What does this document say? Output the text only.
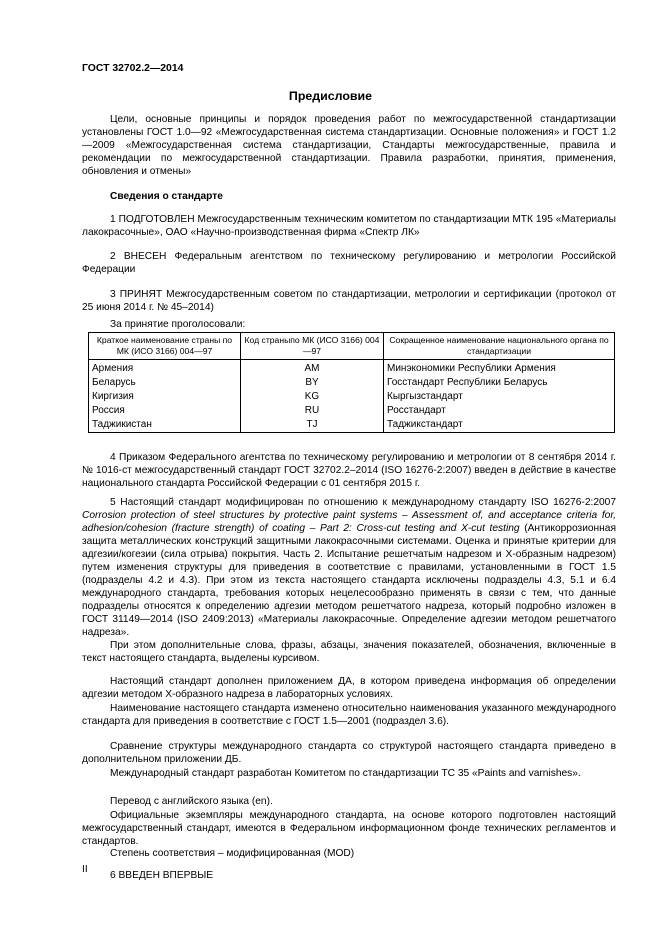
ГОСТ 32702.2—2014
Предисловие

Цели, основные принципы и порядок проведения работ по межгосударственной стандартизации установлены ГОСТ 1.0—92 «Межгосударственная система стандартизации. Основные положения» и ГОСТ 1.2—2009 «Межгосударственная система стандартизации, Стандарты межгосударственные, правила и рекомендации по межгосударственной стандартизации. Правила разработки, принятия, применения, обновления и отмены»

Сведения о стандарте

1 ПОДГОТОВЛЕН Межгосударственным техническим комитетом по стандартизации МТК 195 «Материалы лакокрасочные», ОАО «Научно-производственная фирма «Спектр ЛК»

2 ВНЕСЕН Федеральным агентством по техническому регулированию и метрологии Российской Федерации

3 ПРИНЯТ Межгосударственным советом по стандартизации, метрологии и сертификации (протокол от 25 июня 2014 г. № 45–2014)

За принятие проголосовали:

Краткое наименование страны по МК (ИСО 3166) 004—97	Код страныпо МК (ИСО 3166) 004—97	Сокращенное наименование национального органа по стандартизации
Армения	AM	Минэкономики Республики Армения
Беларусь	BY	Госстандарт Республики Беларусь
Киргизия	KG	Кыргызстандарт
Россия	RU	Росстандарт
Таджикистан	TJ	Таджикстандарт

4 Приказом Федерального агентства по техническому регулированию и метрологии от 8 сентября 2014 г. № 1016-ст межгосударственный стандарт ГОСТ 32702.2–2014 (ISO 16276-2:2007) введен в действие в качестве национального стандарта Российской Федерации с 01 сентября 2015 г.

5 Настоящий стандарт модифицирован по отношению к международному стандарту ISO 16276-2:2007 Corrosion protection of steel structures by protective paint systems – Assessment of, and acceptance criteria for, adhesion/cohesion (fracture strength) of coating – Part 2: Cross-cut testing and X-cut testing (Антикоррозионная защита металлических конструкций защитными лакокрасочными системами. Оценка и принятые критерии для адгезии/когезии (сила отрыва) покрытия. Часть 2. Испытание решетчатым надрезом и Х-образным надрезом) путем изменения структуры для приведения в соответствие с правилами, установленными в ГОСТ 1.5 (подразделы 4.2 и 4.3). При этом из текста настоящего стандарта исключены подразделы 4.3, 5.1 и 6.4 международного стандарта, требования которых нецелесообразно применять в связи с тем, что данные подразделы относятся к определению адгезии методом решетчатого надреза, который подробно изложен в ГОСТ 31149—2014 (ISO 2409:2013) «Материалы лакокрасочные. Определение адгезии методом решетчатого надреза».

При этом дополнительные слова, фразы, абзацы, значения показателей, обозначения, включенные в текст настоящего стандарта, выделены курсивом.

Настоящий стандарт дополнен приложением ДА, в котором приведена информация об определении адгезии методом Х-образного надреза в лабораторных условиях.

Наименование настоящего стандарта изменено относительно наименования указанного международного стандарта для приведения в соответствие с ГОСТ 1.5—2001 (подраздел 3.6).

Сравнение структуры международного стандарта со структурой настоящего стандарта приведено в дополнительном приложении ДБ.

Международный стандарт разработан Комитетом по стандартизации ТС 35 «Paints and varnishes».

Перевод с английского языка (en).

Официальные экземпляры международного стандарта, на основе которого подготовлен настоящий межгосударственный стандарт, имеются в Федеральном информационном фонде технических регламентов и стандартов.

Степень соответствия – модифицированная (MOD)

6 ВВЕДЕН ВПЕРВЫЕ

II
